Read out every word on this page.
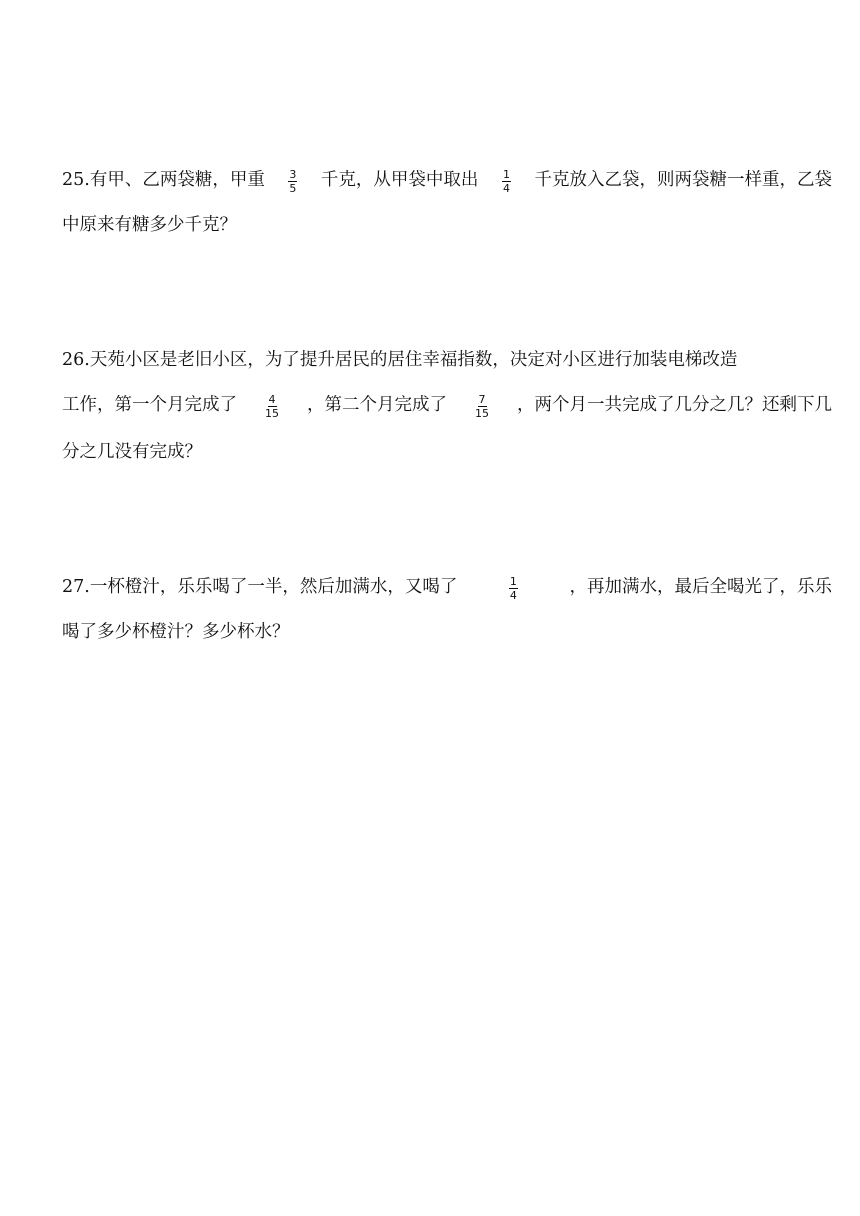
25.有甲、乙两袋糖，甲重 $\frac{3}{5}$ 千克，从甲袋中取出 $\frac{1}{4}$ 千克放入乙袋，则两袋糖一样重，乙袋
中原来有糖多少千克？
26.天苑小区是老旧小区，为了提升居民的居住幸福指数，决定对小区进行加装电梯改造
工作，第一个月完成了 $\frac{4}{15}$ ，第二个月完成了 $\frac{7}{15}$ ，两个月一共完成了几分之几？还剩下几
分之几没有完成？
27.一杯橙汁，乐乐喝了一半，然后加满水，又喝了	$\frac{1}{4}$	，再加满水，最后全喝光了，乐乐
喝了多少杯橙汁？多少杯水？
